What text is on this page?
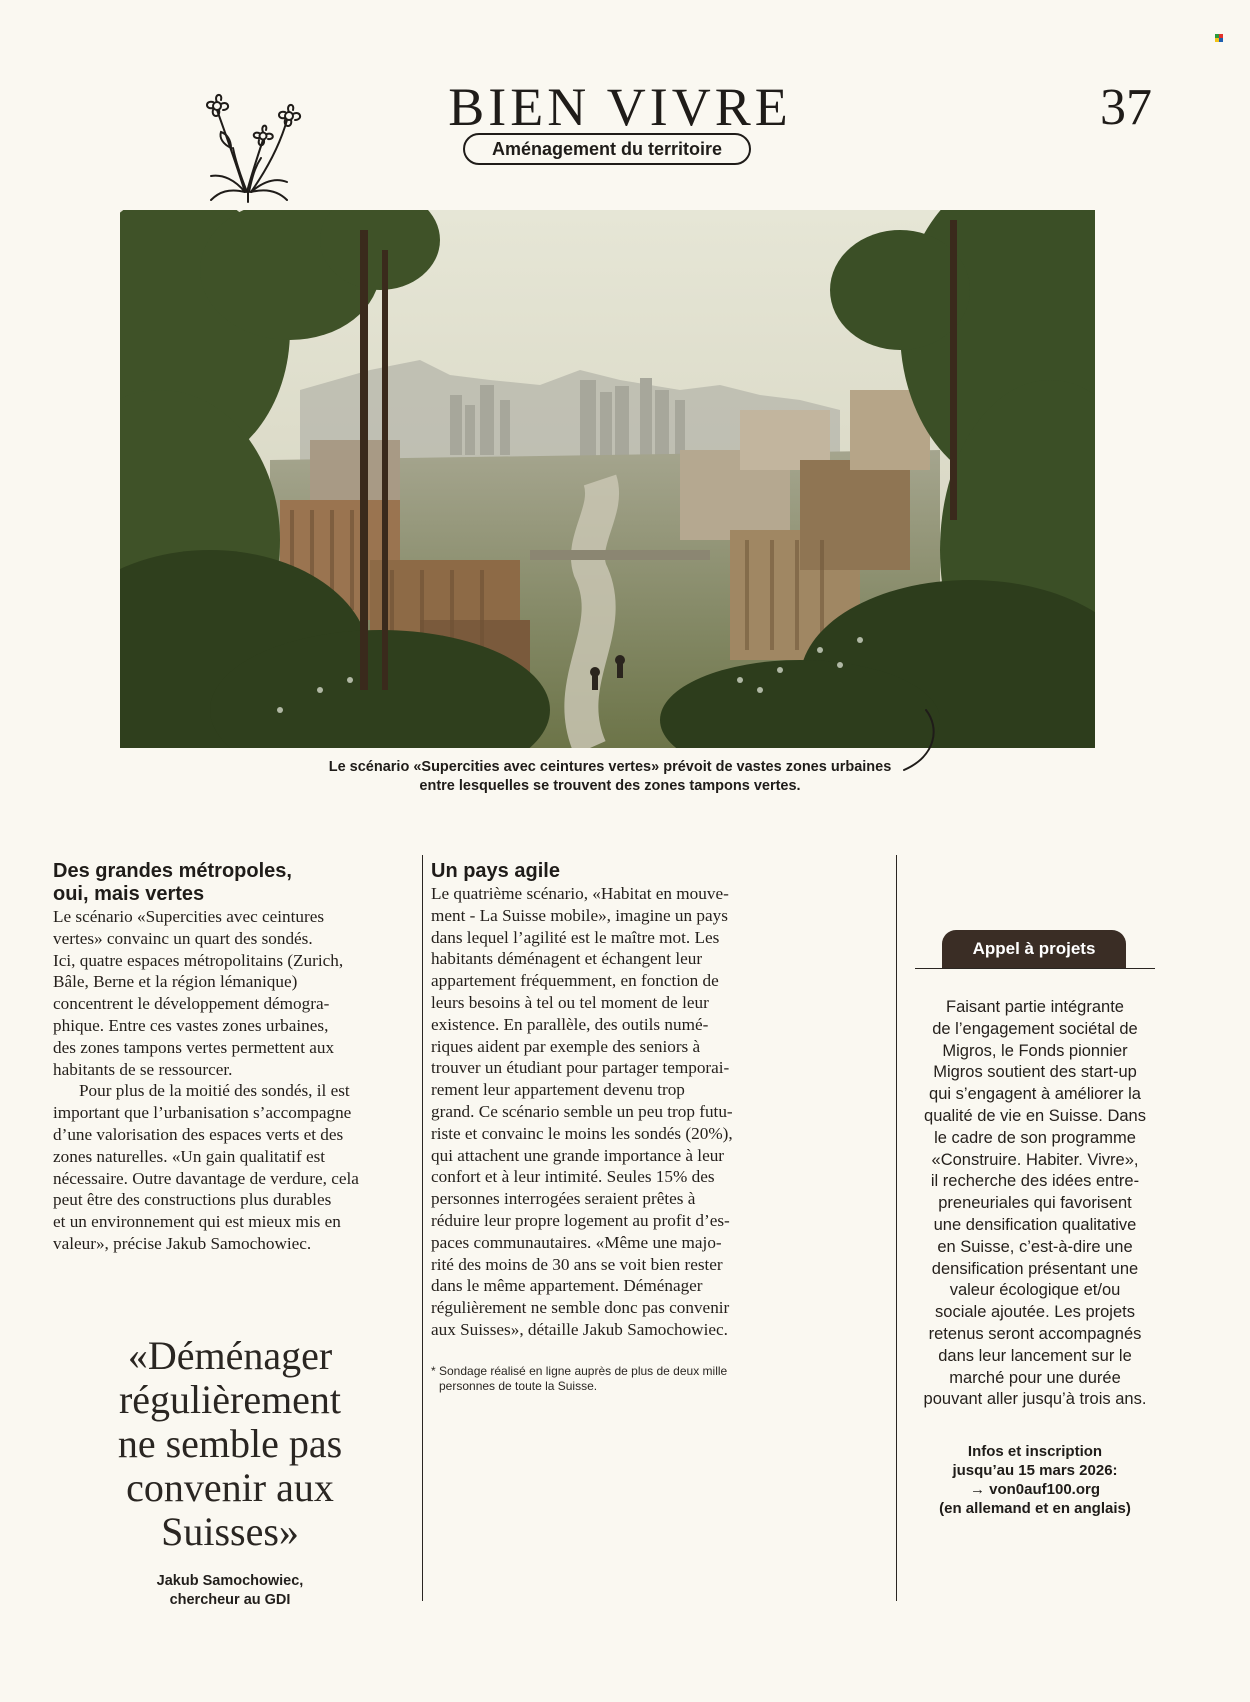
BIEN VIVRE
Aménagement du territoire
37
Le scénario «Supercities avec ceintures vertes» prévoit de vastes zones urbaines
entre lesquelles se trouvent des zones tampons vertes.
Des grandes métropoles,
oui, mais vertes
Le scénario «Supercities avec ceintures
vertes» convainc un quart des sondés.
Ici, quatre espaces métropolitains (Zurich,
Bâle, Berne et la région lémanique)
concentrent le développement démogra-
phique. Entre ces vastes zones urbaines,
des zones tampons vertes permettent aux
habitants de se ressourcer.
Pour plus de la moitié des sondés, il est
important que l’urbanisation s’accompagne
d’une valorisation des espaces verts et des
zones naturelles. «Un gain qualitatif est
nécessaire. Outre davantage de verdure, cela
peut être des constructions plus durables
et un environnement qui est mieux mis en
valeur», précise Jakub Samochowiec.
«Déménager
régulièrement
ne semble pas
convenir aux
Suisses»
Jakub Samochowiec,
chercheur au GDI
Un pays agile
Le quatrième scénario, «Habitat en mouve-
ment - La Suisse mobile», imagine un pays
dans lequel l’agilité est le maître mot. Les
habitants déménagent et échangent leur
appartement fréquemment, en fonction de
leurs besoins à tel ou tel moment de leur
existence. En parallèle, des outils numé-
riques aident par exemple des seniors à
trouver un étudiant pour partager temporai-
rement leur appartement devenu trop
grand. Ce scénario semble un peu trop futu-
riste et convainc le moins les sondés (20%),
qui attachent une grande importance à leur
confort et à leur intimité. Seules 15% des
personnes interrogées seraient prêtes à
réduire leur propre logement au profit d’es-
paces communautaires. «Même une majo-
rité des moins de 30 ans se voit bien rester
dans le même appartement. Déménager
régulièrement ne semble donc pas convenir
aux Suisses», détaille Jakub Samochowiec.
* Sondage réalisé en ligne auprès de plus de deux mille
personnes de toute la Suisse.
Appel à projets
Faisant partie intégrante
de l’engagement sociétal de
Migros, le Fonds pionnier
Migros soutient des start-up
qui s’engagent à améliorer la
qualité de vie en Suisse. Dans
le cadre de son programme
«Construire. Habiter. Vivre»,
il recherche des idées entre-
preneuriales qui favorisent
une densification qualitative
en Suisse, c’est-à-dire une
densification présentant une
valeur écologique et/ou
sociale ajoutée. Les projets
retenus seront accompagnés
dans leur lancement sur le
marché pour une durée
pouvant aller jusqu’à trois ans.
Infos et inscription
jusqu’au 15 mars 2026:
→ von0auf100.org
(en allemand et en anglais)
